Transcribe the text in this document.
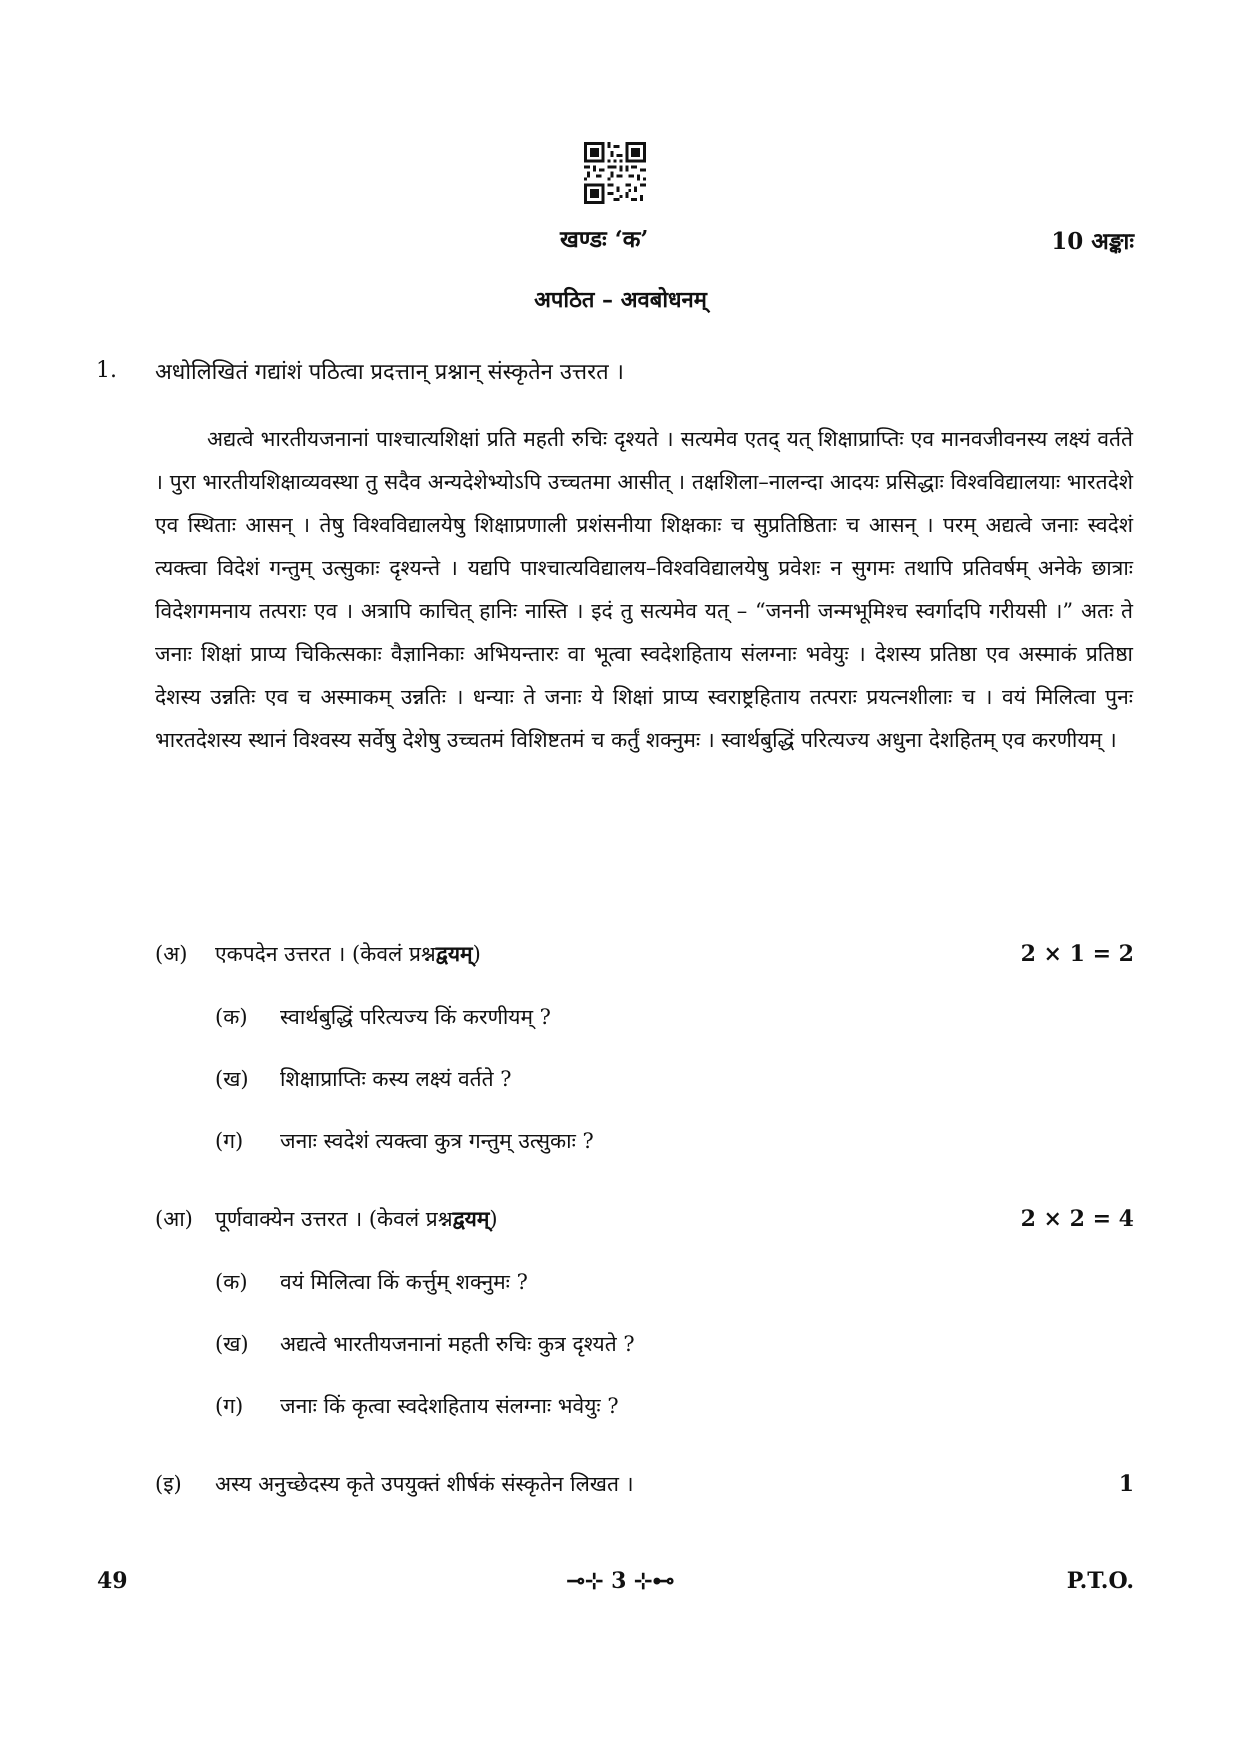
खण्डः ‘क’	10 अङ्काः
अपठित – अवबोधनम्
1. अधोलिखितं गद्यांशं पठित्वा प्रदत्तान् प्रश्नान् संस्कृतेन उत्तरत ।

अद्यत्वे भारतीयजनानां पाश्चात्यशिक्षां प्रति महती रुचिः दृश्यते । सत्यमेव एतद् यत् शिक्षाप्राप्तिः एव मानवजीवनस्य लक्ष्यं वर्तते । पुरा भारतीयशिक्षाव्यवस्था तु सदैव अन्यदेशेभ्योऽपि उच्चतमा आसीत् । तक्षशिला–नालन्दा आदयः प्रसिद्धाः विश्वविद्यालयाः भारतदेशे एव स्थिताः आसन् । तेषु विश्वविद्यालयेषु शिक्षाप्रणाली प्रशंसनीया शिक्षकाः च सुप्रतिष्ठिताः च आसन् । परम् अद्यत्वे जनाः स्वदेशं त्यक्त्वा विदेशं गन्तुम् उत्सुकाः दृश्यन्ते । यद्यपि पाश्चात्यविद्यालय–विश्वविद्यालयेषु प्रवेशः न सुगमः तथापि प्रतिवर्षम् अनेके छात्राः विदेशगमनाय तत्पराः एव । अत्रापि काचित् हानिः नास्ति । इदं तु सत्यमेव यत् – “जननी जन्मभूमिश्च स्वर्गादपि गरीयसी ।” अतः ते जनाः शिक्षां प्राप्य चिकित्सकाः वैज्ञानिकाः अभियन्तारः वा भूत्वा स्वदेशहिताय संलग्नाः भवेयुः । देशस्य प्रतिष्ठा एव अस्माकं प्रतिष्ठा देशस्य उन्नतिः एव च अस्माकम् उन्नतिः । धन्याः ते जनाः ये शिक्षां प्राप्य स्वराष्ट्रहिताय तत्पराः प्रयत्नशीलाः च । वयं मिलित्वा पुनः भारतदेशस्य स्थानं विश्वस्य सर्वेषु देशेषु उच्चतमं विशिष्टतमं च कर्तुं शक्नुमः । स्वार्थबुद्धिं परित्यज्य अधुना देशहितम् एव करणीयम् ।

(अ) एकपदेन उत्तरत । (केवलं प्रश्नद्वयम्)	2 × 1 = 2
(क) स्वार्थबुद्धिं परित्यज्य किं करणीयम् ?
(ख) शिक्षाप्राप्तिः कस्य लक्ष्यं वर्तते ?
(ग) जनाः स्वदेशं त्यक्त्वा कुत्र गन्तुम् उत्सुकाः ?
(आ) पूर्णवाक्येन उत्तरत । (केवलं प्रश्नद्वयम्)	2 × 2 = 4
(क) वयं मिलित्वा किं कर्त्तुम् शक्नुमः ?
(ख) अद्यत्वे भारतीयजनानां महती रुचिः कुत्र दृश्यते ?
(ग) जनाः किं कृत्वा स्वदेशहिताय संलग्नाः भवेयुः ?
(इ) अस्य अनुच्छेदस्य कृते उपयुक्तं शीर्षकं संस्कृतेन लिखत ।	1
49	⊸⊹ 3 ⊹⊷	P.T.O.
